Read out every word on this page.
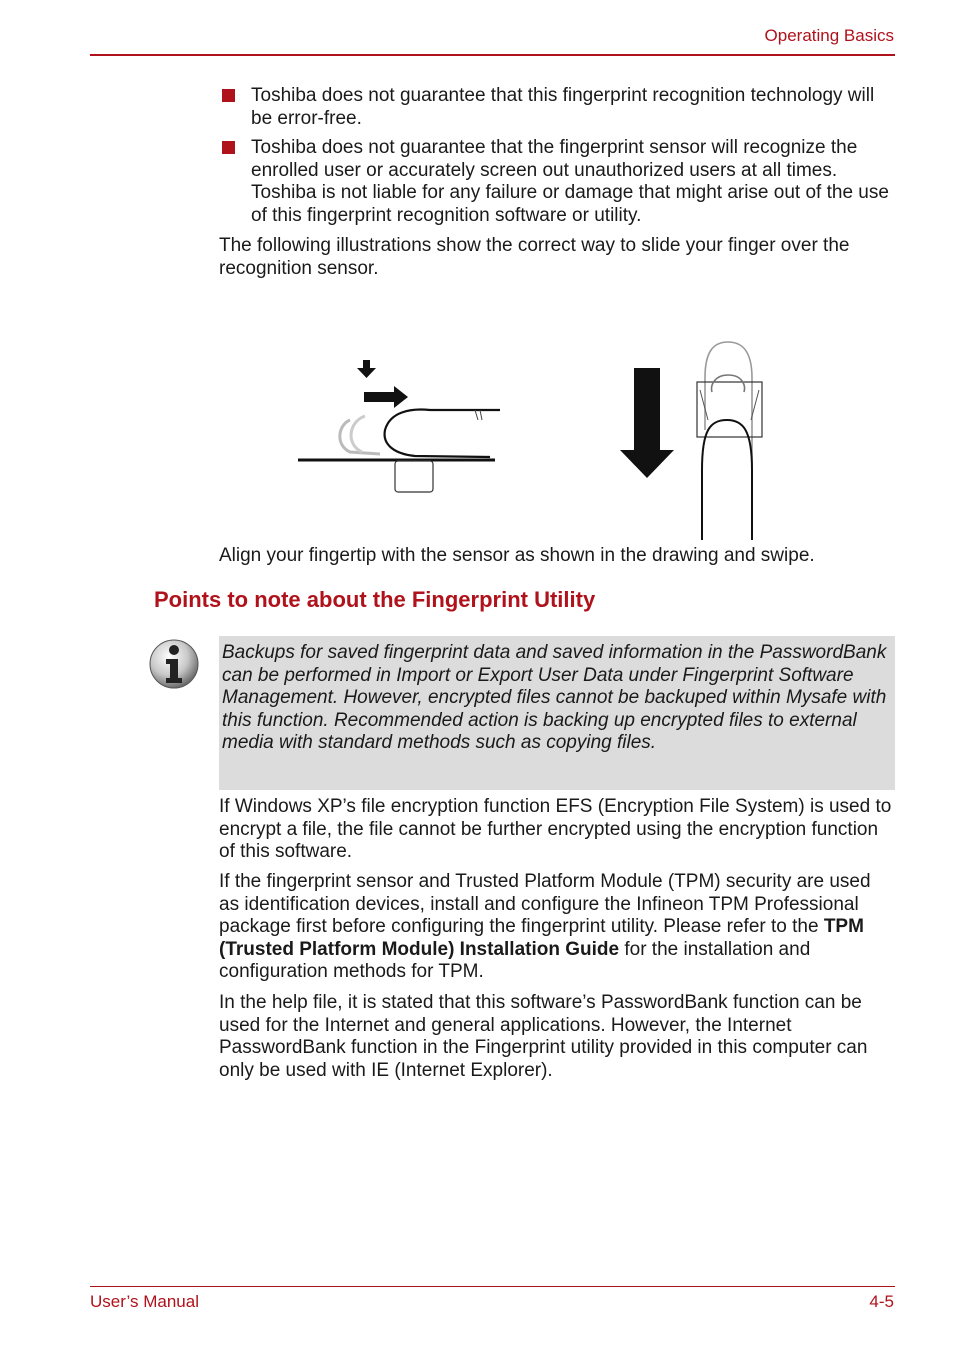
Operating Basics
Toshiba does not guarantee that this fingerprint recognition technology will be error-free.
Toshiba does not guarantee that the fingerprint sensor will recognize the enrolled user or accurately screen out unauthorized users at all times. Toshiba is not liable for any failure or damage that might arise out of the use of this fingerprint recognition software or utility.
The following illustrations show the correct way to slide your finger over the recognition sensor.
Align your fingertip with the sensor as shown in the drawing and swipe.
Points to note about the Fingerprint Utility
Backups for saved fingerprint data and saved information in the PasswordBank can be performed in Import or Export User Data under Fingerprint Software Management. However, encrypted files cannot be backuped within Mysafe with this function. Recommended action is backing up encrypted files to external media with standard methods such as copying files.
If Windows XP’s file encryption function EFS (Encryption File System) is used to encrypt a file, the file cannot be further encrypted using the encryption function of this software.
If the fingerprint sensor and Trusted Platform Module (TPM) security are used as identification devices, install and configure the Infineon TPM Professional package first before configuring the fingerprint utility. Please refer to the TPM (Trusted Platform Module) Installation Guide for the installation and configuration methods for TPM.
In the help file, it is stated that this software’s PasswordBank function can be used for the Internet and general applications. However, the Internet PasswordBank function in the Fingerprint utility provided in this computer can only be used with IE (Internet Explorer).
User’s Manual	4-5
